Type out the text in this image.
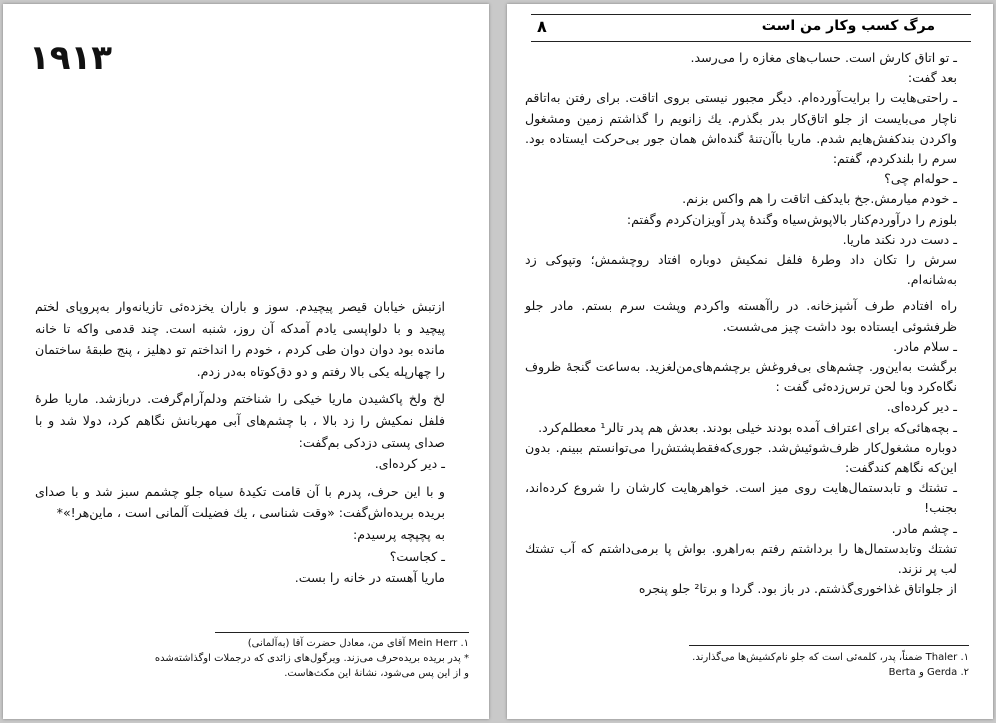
۱۹۱۳

ازتبش خیابان قیصر پیچیدم. سوز و باران یخزده‌ئی تازیانه‌وار به‌پروپای لختم پیچید و با دلواپسی یادم آمدکه آن روز، شنبه است. چند قدمی واکه تا خانه مانده بود دوان دوان طی کردم ، خودم را انداختم تو دهلیز ، پنج طبقهٔ ساختمان را چهارپله یکی بالا رفتم و دو دق‌کوتاه به‌در زدم.

لخ ولخ پاکشیدن ماریا خیکی را شناختم ودلم‌آرام‌گرفت. دربازشد. ماریا طرهٔ فلفل نمکیش را زد بالا ، با چشم‌های آبی مهربانش نگاهم کرد، دولا شد و با صدای پستی دزدکی بم‌گفت:

ـ دیر کرده‌ای.

و با این حرف، پدرم با آن قامت تکیدهٔ سیاه جلو چشمم سبز شد و با صدای بریده بریده‌اش‌گفت: «وقت شناسی ، یك فضیلت آلمانی است ، ماین‌هر!»*

به پچپچه پرسیدم:

ـ کجاست؟

ماریا آهسته در خانه را بست.

۱. Mein Herr آقای من، معادل حضرت آقا (به‌آلمانی)

* پدر بریده بریده‌حرف می‌زند. ویرگول‌های زائدی که درجملات اوگذاشته‌شده

و از این پس می‌شود، نشانهٔ این مکث‌هاست.

مرگ کسب وکار من است
۸

ـ تو اتاق کارش است. حساب‌های مغازه را می‌رسد.

بعد گفت:

ـ راحتی‌هایت را برایت‌آورده‌ام. دیگر مجبور نیستی بروی اتاقت. برای رفتن به‌اتاقم ناچار می‌بایست از جلو اتاق‌کار بدر بگذرم. یك زانویم را گذاشتم زمین ومشغول واکردن بندکفش‌هایم شدم. ماریا باآن‌تنهٔ گنده‌اش همان جور بی‌حرکت ایستاده بود. سرم را بلندکردم، گفتم:

ـ حوله‌ام چی؟

ـ خودم میارمش.جخ بایدکف اتاقت را هم واکس بزنم.

بلوزم را درآوردم‌کنار بالاپوش‌سیاه وگندهٔ پدر آویزان‌کردم وگفتم:

ـ دست درد نکند ماریا.

سرش را تکان داد وطرهٔ فلفل نمکیش دوباره افتاد روچشمش؛ وتپوکی زد به‌شانه‌ام.

راه افتادم طرف آشپزخانه. در راآهسته واکردم وپشت سرم بستم. مادر جلو ظرفشوئی ایستاده بود داشت چیز می‌شست.

ـ سلام مادر.

برگشت به‌این‌ور. چشم‌های بی‌فروغش برچشم‌های‌من‌لغزید. به‌ساعت گنجهٔ ظروف نگاه‌کرد وبا لحن ترس‌زده‌ئی گفت :

ـ دیر کرده‌ای.

ـ بچه‌هائی‌که برای اعتراف آمده بودند خیلی بودند. بعدش هم پدر تالر¹ معطلم‌کرد.

دوباره مشغول‌کار ظرف‌شوئیش‌شد. جوری‌که‌فقط‌پشتش‌را می‌توانستم ببینم. بدون این‌که نگاهم کند‌گفت:

ـ تشتك و تابدستمال‌هایت روی میز است. خواهرهایت کارشان را شروع کرده‌اند، بجنب!

ـ چشم مادر.

تشتك وتابدستمال‌ها را برداشتم رفتم به‌راهرو. بواش پا برمی‌داشتم که آب تشتك لب‌ پر نزند.

از جلواتاق غذاخوری‌گذشتم. در باز بود. گردا و برتا² جلو پنجره

۱. Thaler ضمناً، پدر، کلمه‌ئی است که جلو نام‌کشیش‌ها می‌گذارند.

۲. Gerda و Berta
